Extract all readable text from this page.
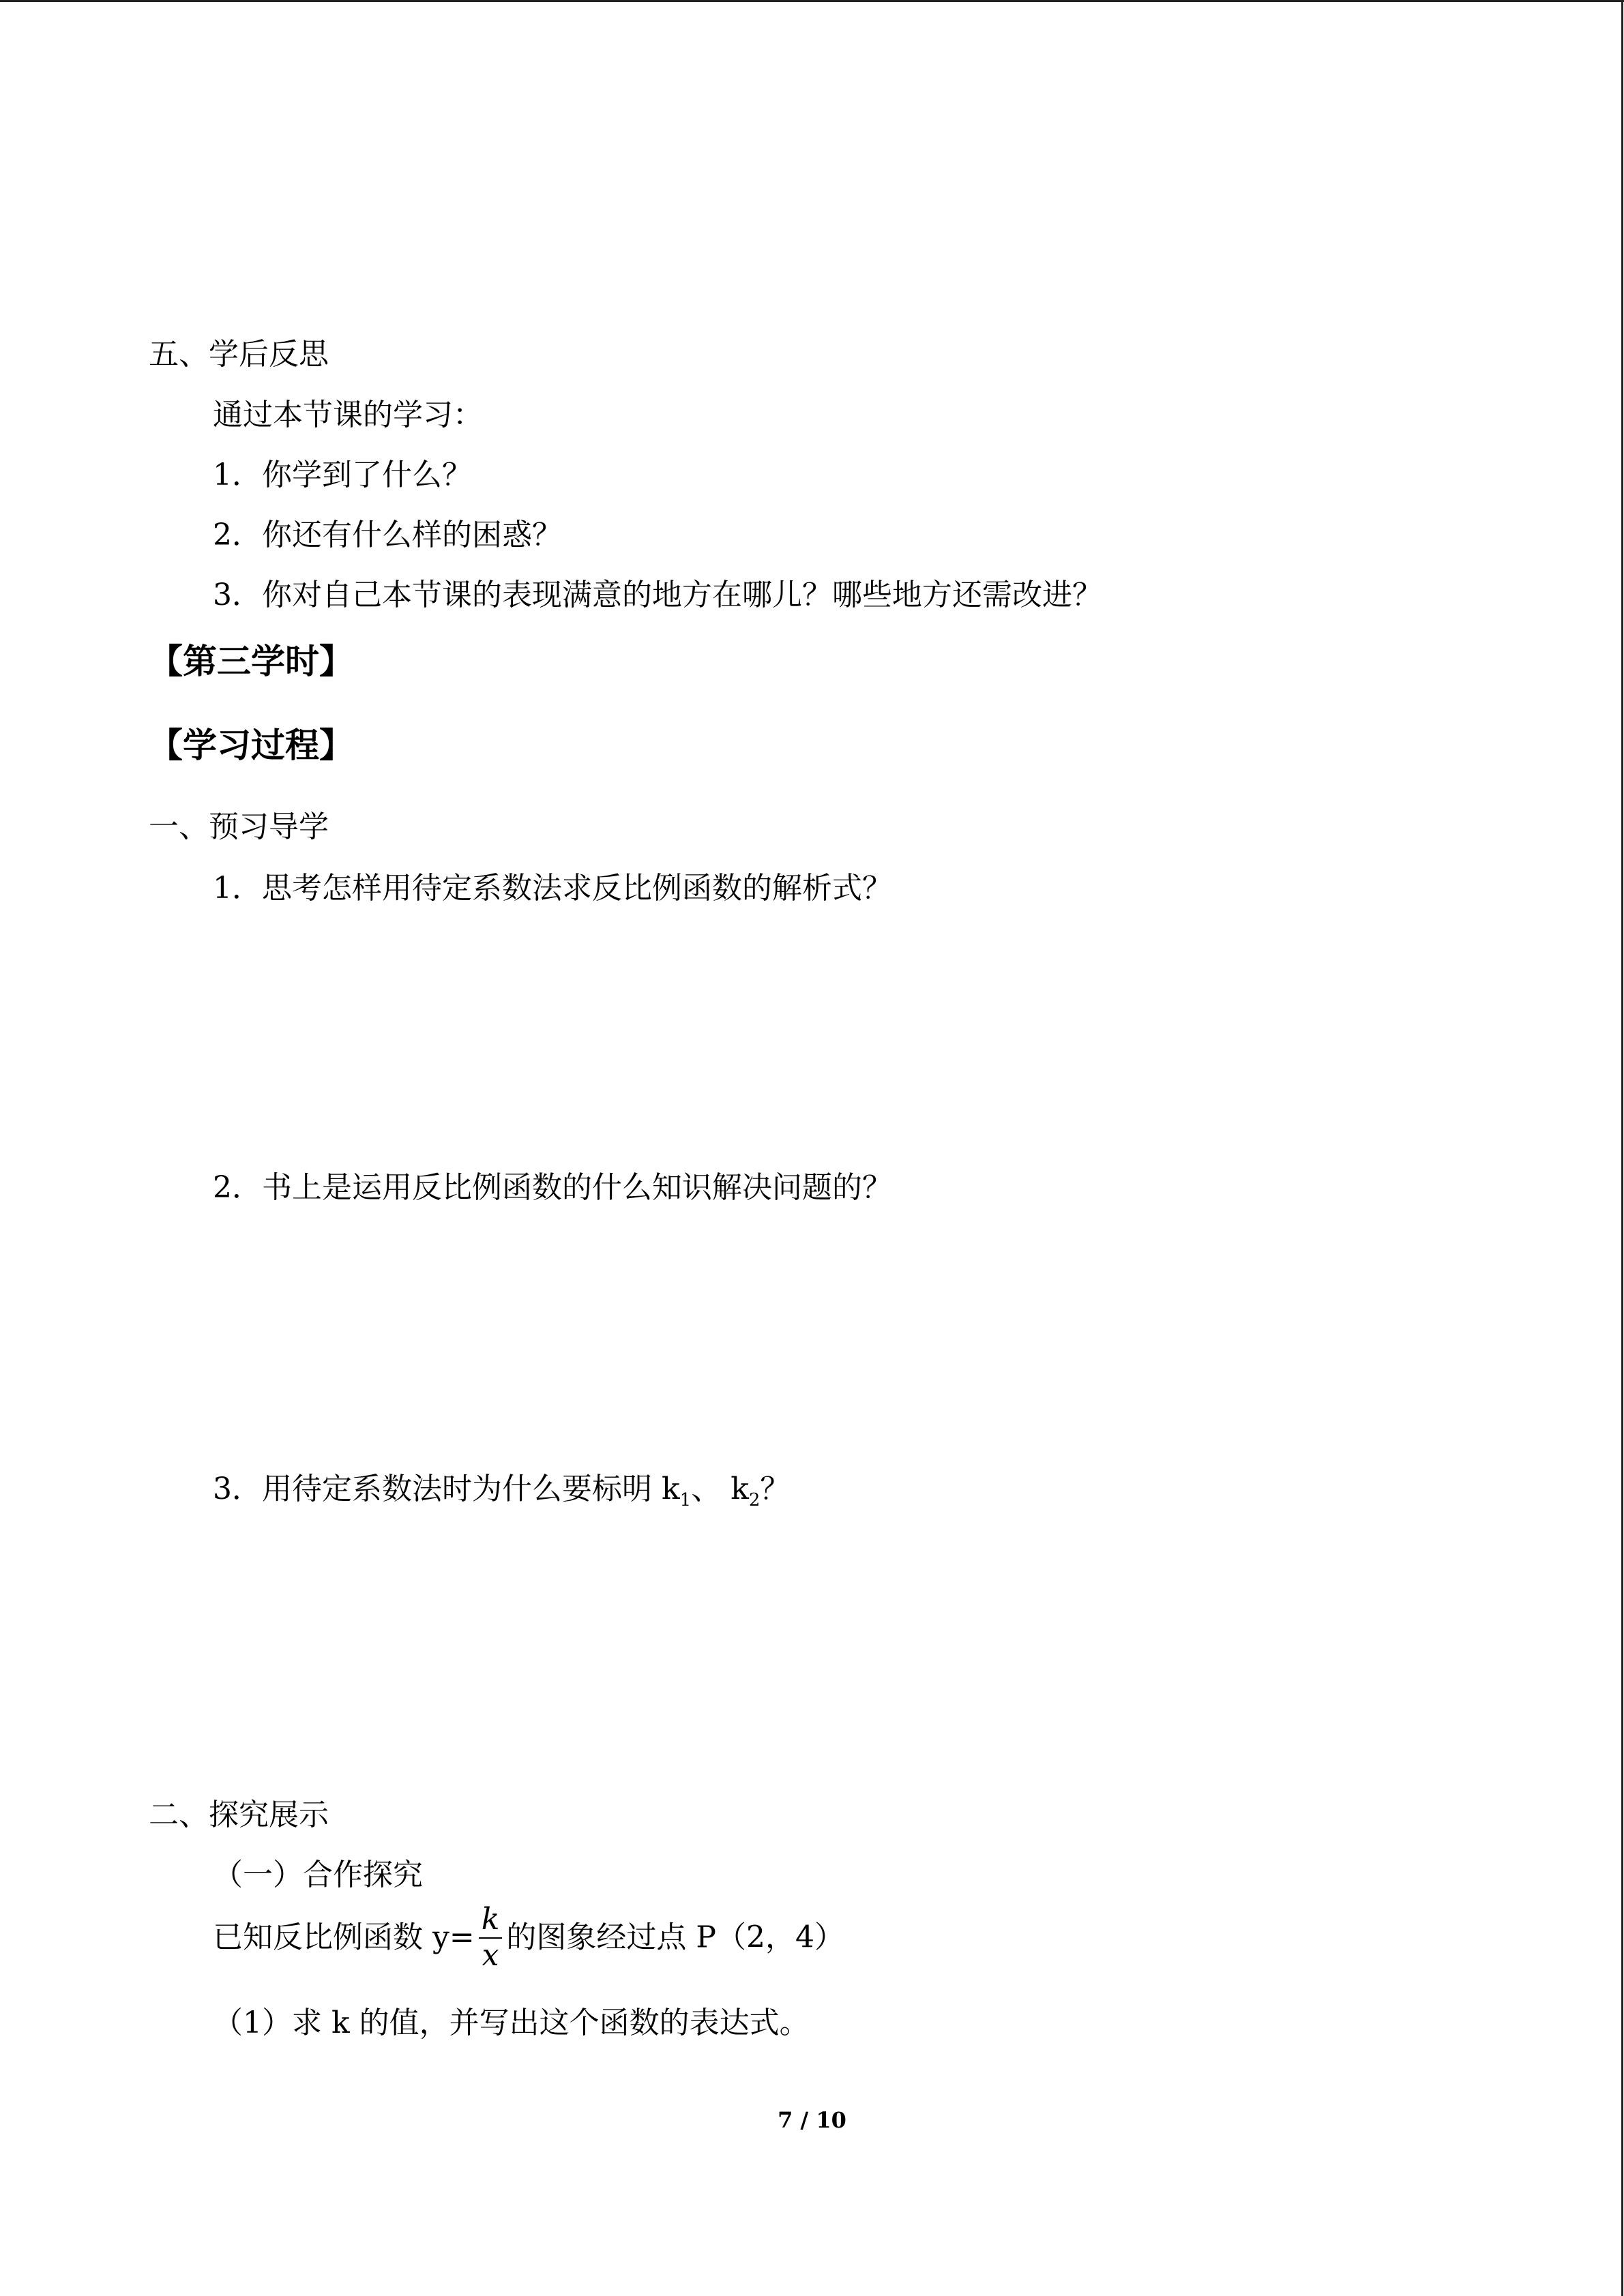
五、学后反思
通过本节课的学习：
1．你学到了什么？
2．你还有什么样的困惑？
3．你对自己本节课的表现满意的地方在哪儿？哪些地方还需改进？
【第三学时】
【学习过程】
一、预习导学
1．思考怎样用待定系数法求反比例函数的解析式？
2．书上是运用反比例函数的什么知识解决问题的？
3．用待定系数法时为什么要标明 $k_1$、 $k_2$？
二、探究展示
（一）合作探究
已知反比例函数 $y= \frac{k}{x}$ 的图象经过点 P（2，4）
（1）求 k 的值，并写出这个函数的表达式。
7 / 10
